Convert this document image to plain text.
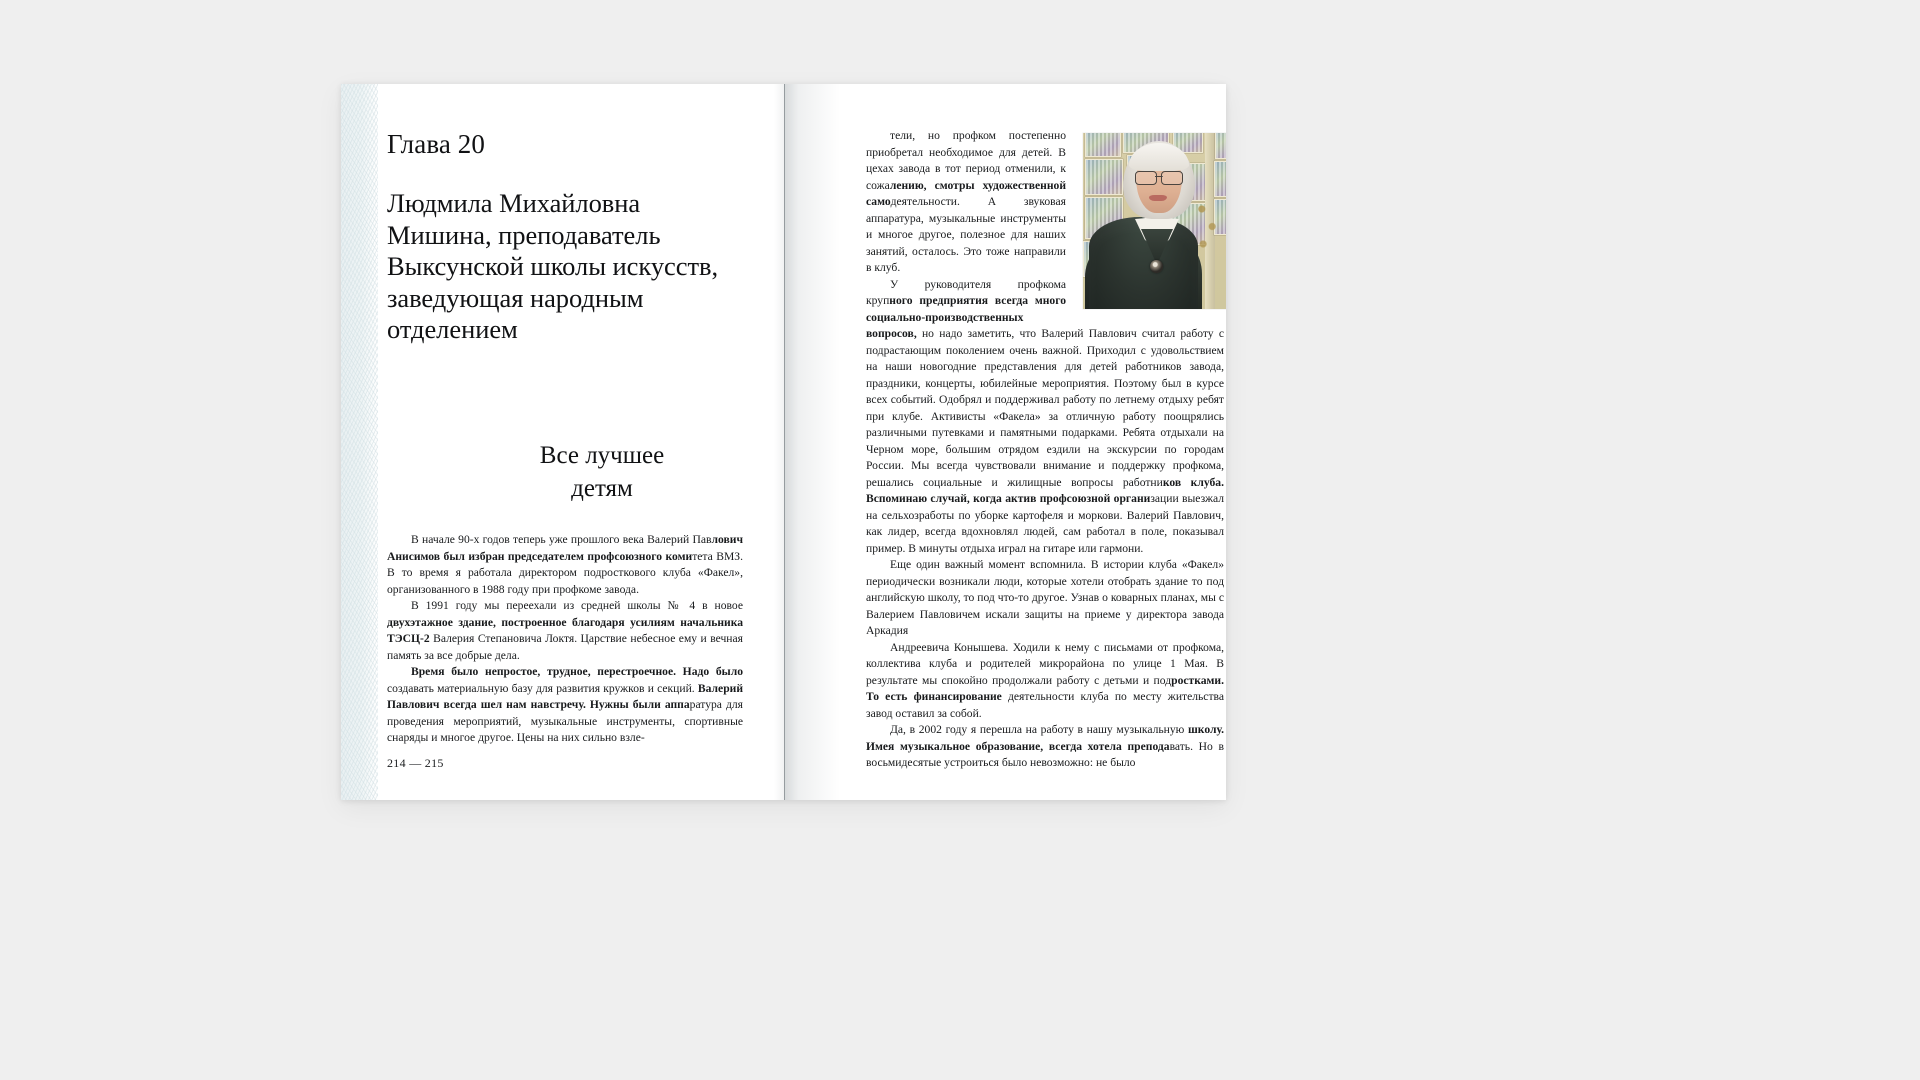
Глава 20
Людмила Михайловна Мишина, преподаватель Выксунской школы искусств, заведующая народным отделением
Все лучшее
детям

В начале 90-х годов теперь уже прошлого века Валерий Павлович Анисимов был избран председателем профсоюзного комитета ВМЗ. В то время я работала директором подросткового клуба «Факел», организованного в 1988 году при профкоме завода.

В 1991 году мы переехали из средней школы № 4 в новое двухэтажное здание, построенное благодаря усилиям начальника ТЭСЦ-2 Валерия Степановича Локтя. Царствие небесное ему и вечная память за все добрые дела.

Время было непростое, трудное, перестроечное. Надо было создавать материальную базу для развития кружков и секций. Валерий Павлович всегда шел нам навстречу. Нужны были аппаратура для проведения мероприятий, музыкальные инструменты, спортивные снаряды и многое другое. Цены на них сильно взле-

214 — 215

тели, но профком постепенно приобретал необходимое для детей. В цехах завода в тот период отменили, к сожалению, смотры художественной самодеятельности. А звуковая аппаратура, музыкальные инструменты и многое другое, полезное для наших занятий, осталось. Это тоже направили в клуб.

У руководителя профкома крупного предприятия всегда много социально-производственных вопросов, но надо заметить, что Валерий Павлович считал работу с подрастающим поколением очень важной. Приходил с удовольствием на наши новогодние представления для детей работников завода, праздники, концерты, юбилейные мероприятия. Поэтому был в курсе всех событий. Одобрял и поддерживал работу по летнему отдыху ребят при клубе. Активисты «Факела» за отличную работу поощрялись различными путевками и памятными подарками. Ребята отдыхали на Черном море, большим отрядом ездили на экскурсии по городам России. Мы всегда чувствовали внимание и поддержку профкома, решались социальные и жилищные вопросы работников клуба. Вспоминаю случай, когда актив профсоюзной организации выезжал на сельхозработы по уборке картофеля и моркови. Валерий Павлович, как лидер, всегда вдохновлял людей, сам работал в поле, показывал пример. В минуты отдыха играл на гитаре или гармони.

Еще один важный момент вспомнила. В истории клуба «Факел» периодически возникали люди, которые хотели отобрать здание то под английскую школу, то под что-то другое. Узнав о коварных планах, мы с Валерием Павловичем искали защиты на приеме у директора завода Аркадия

Андреевича Конышева. Ходили к нему с письмами от профкома, коллектива клуба и родителей микрорайона по улице 1 Мая. В результате мы спокойно продолжали работу с детьми и подростками. То есть финансирование деятельности клуба по месту жительства завод оставил за собой.

Да, в 2002 году я перешла на работу в нашу музыкальную школу. Имея музыкальное образование, всегда хотела преподавать. Но в восьмидесятые устроиться было невозможно: не было
